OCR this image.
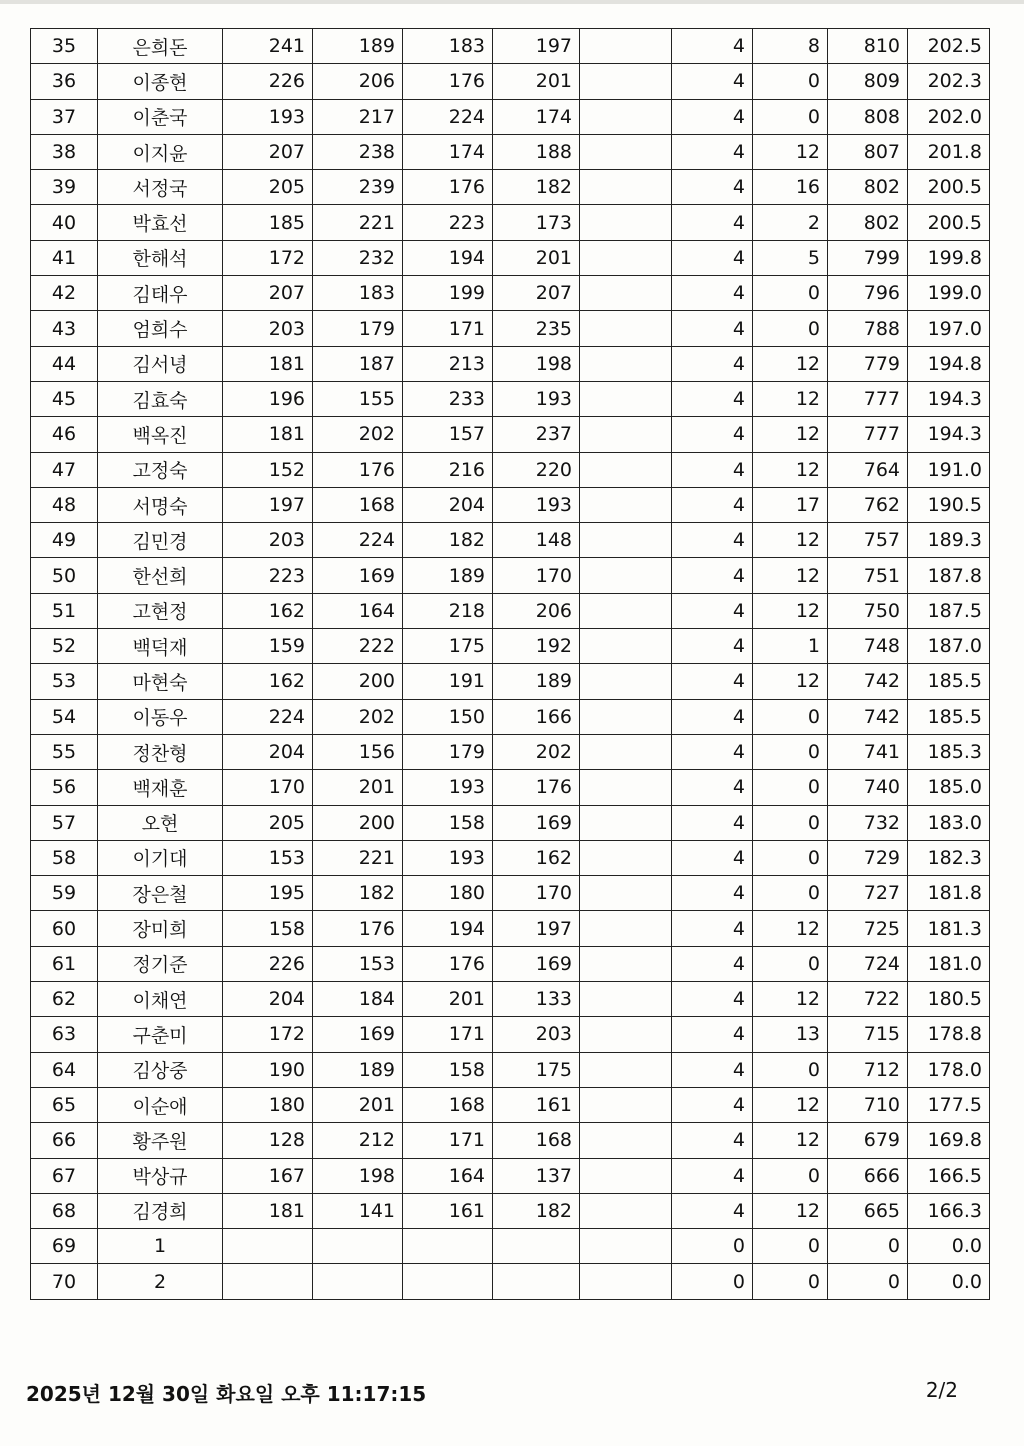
35	은희돈	241	189	183	197		4	8	810	202.5
36	이종현	226	206	176	201		4	0	809	202.3
37	이춘국	193	217	224	174		4	0	808	202.0
38	이지윤	207	238	174	188		4	12	807	201.8
39	서정국	205	239	176	182		4	16	802	200.5
40	박효선	185	221	223	173		4	2	802	200.5
41	한해석	172	232	194	201		4	5	799	199.8
42	김태우	207	183	199	207		4	0	796	199.0
43	엄희수	203	179	171	235		4	0	788	197.0
44	김서녕	181	187	213	198		4	12	779	194.8
45	김효숙	196	155	233	193		4	12	777	194.3
46	백옥진	181	202	157	237		4	12	777	194.3
47	고정숙	152	176	216	220		4	12	764	191.0
48	서명숙	197	168	204	193		4	17	762	190.5
49	김민경	203	224	182	148		4	12	757	189.3
50	한선희	223	169	189	170		4	12	751	187.8
51	고현정	162	164	218	206		4	12	750	187.5
52	백덕재	159	222	175	192		4	1	748	187.0
53	마현숙	162	200	191	189		4	12	742	185.5
54	이동우	224	202	150	166		4	0	742	185.5
55	정찬형	204	156	179	202		4	0	741	185.3
56	백재훈	170	201	193	176		4	0	740	185.0
57	오현	205	200	158	169		4	0	732	183.0
58	이기대	153	221	193	162		4	0	729	182.3
59	장은철	195	182	180	170		4	0	727	181.8
60	장미희	158	176	194	197		4	12	725	181.3
61	정기준	226	153	176	169		4	0	724	181.0
62	이채연	204	184	201	133		4	12	722	180.5
63	구춘미	172	169	171	203		4	13	715	178.8
64	김상중	190	189	158	175		4	0	712	178.0
65	이순애	180	201	168	161		4	12	710	177.5
66	황주원	128	212	171	168		4	12	679	169.8
67	박상규	167	198	164	137		4	0	666	166.5
68	김경희	181	141	161	182		4	12	665	166.3
69	1						0	0	0	0.0
70	2						0	0	0	0.0
2025년 12월 30일 화요일 오후 11:17:15	2/2
